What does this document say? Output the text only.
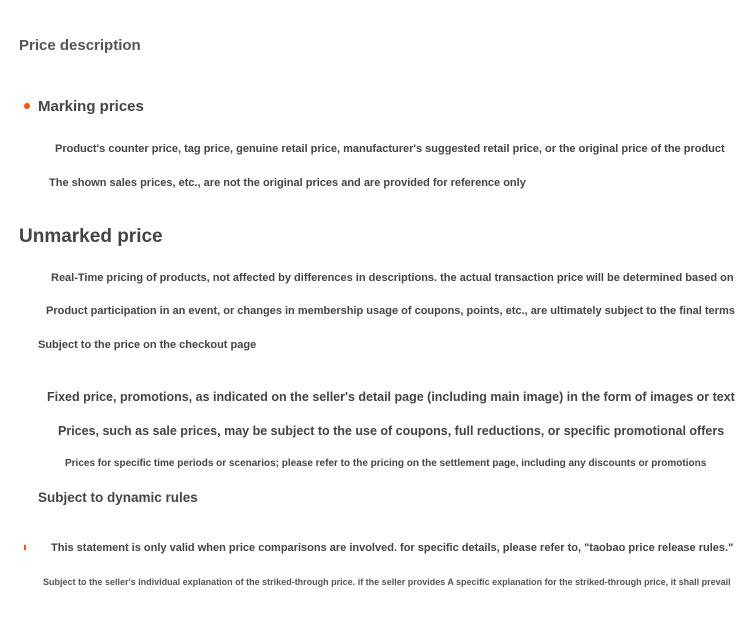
Price description
Marking prices
Product's counter price, tag price, genuine retail price, manufacturer's suggested retail price, or the original price of the product
The shown sales prices, etc., are not the original prices and are provided for reference only
Unmarked price
Real-Time pricing of products, not affected by differences in descriptions. the actual transaction price will be determined based on
Product participation in an event, or changes in membership usage of coupons, points, etc., are ultimately subject to the final terms
Subject to the price on the checkout page
Fixed price, promotions, as indicated on the seller's detail page (including main image) in the form of images or text
Prices, such as sale prices, may be subject to the use of coupons, full reductions, or specific promotional offers
Prices for specific time periods or scenarios; please refer to the pricing on the settlement page, including any discounts or promotions
Subject to dynamic rules
This statement is only valid when price comparisons are involved. for specific details, please refer to, "taobao price release rules."
Subject to the seller's individual explanation of the striked-through price. if the seller provides A specific explanation for the striked-through price, it shall prevail
